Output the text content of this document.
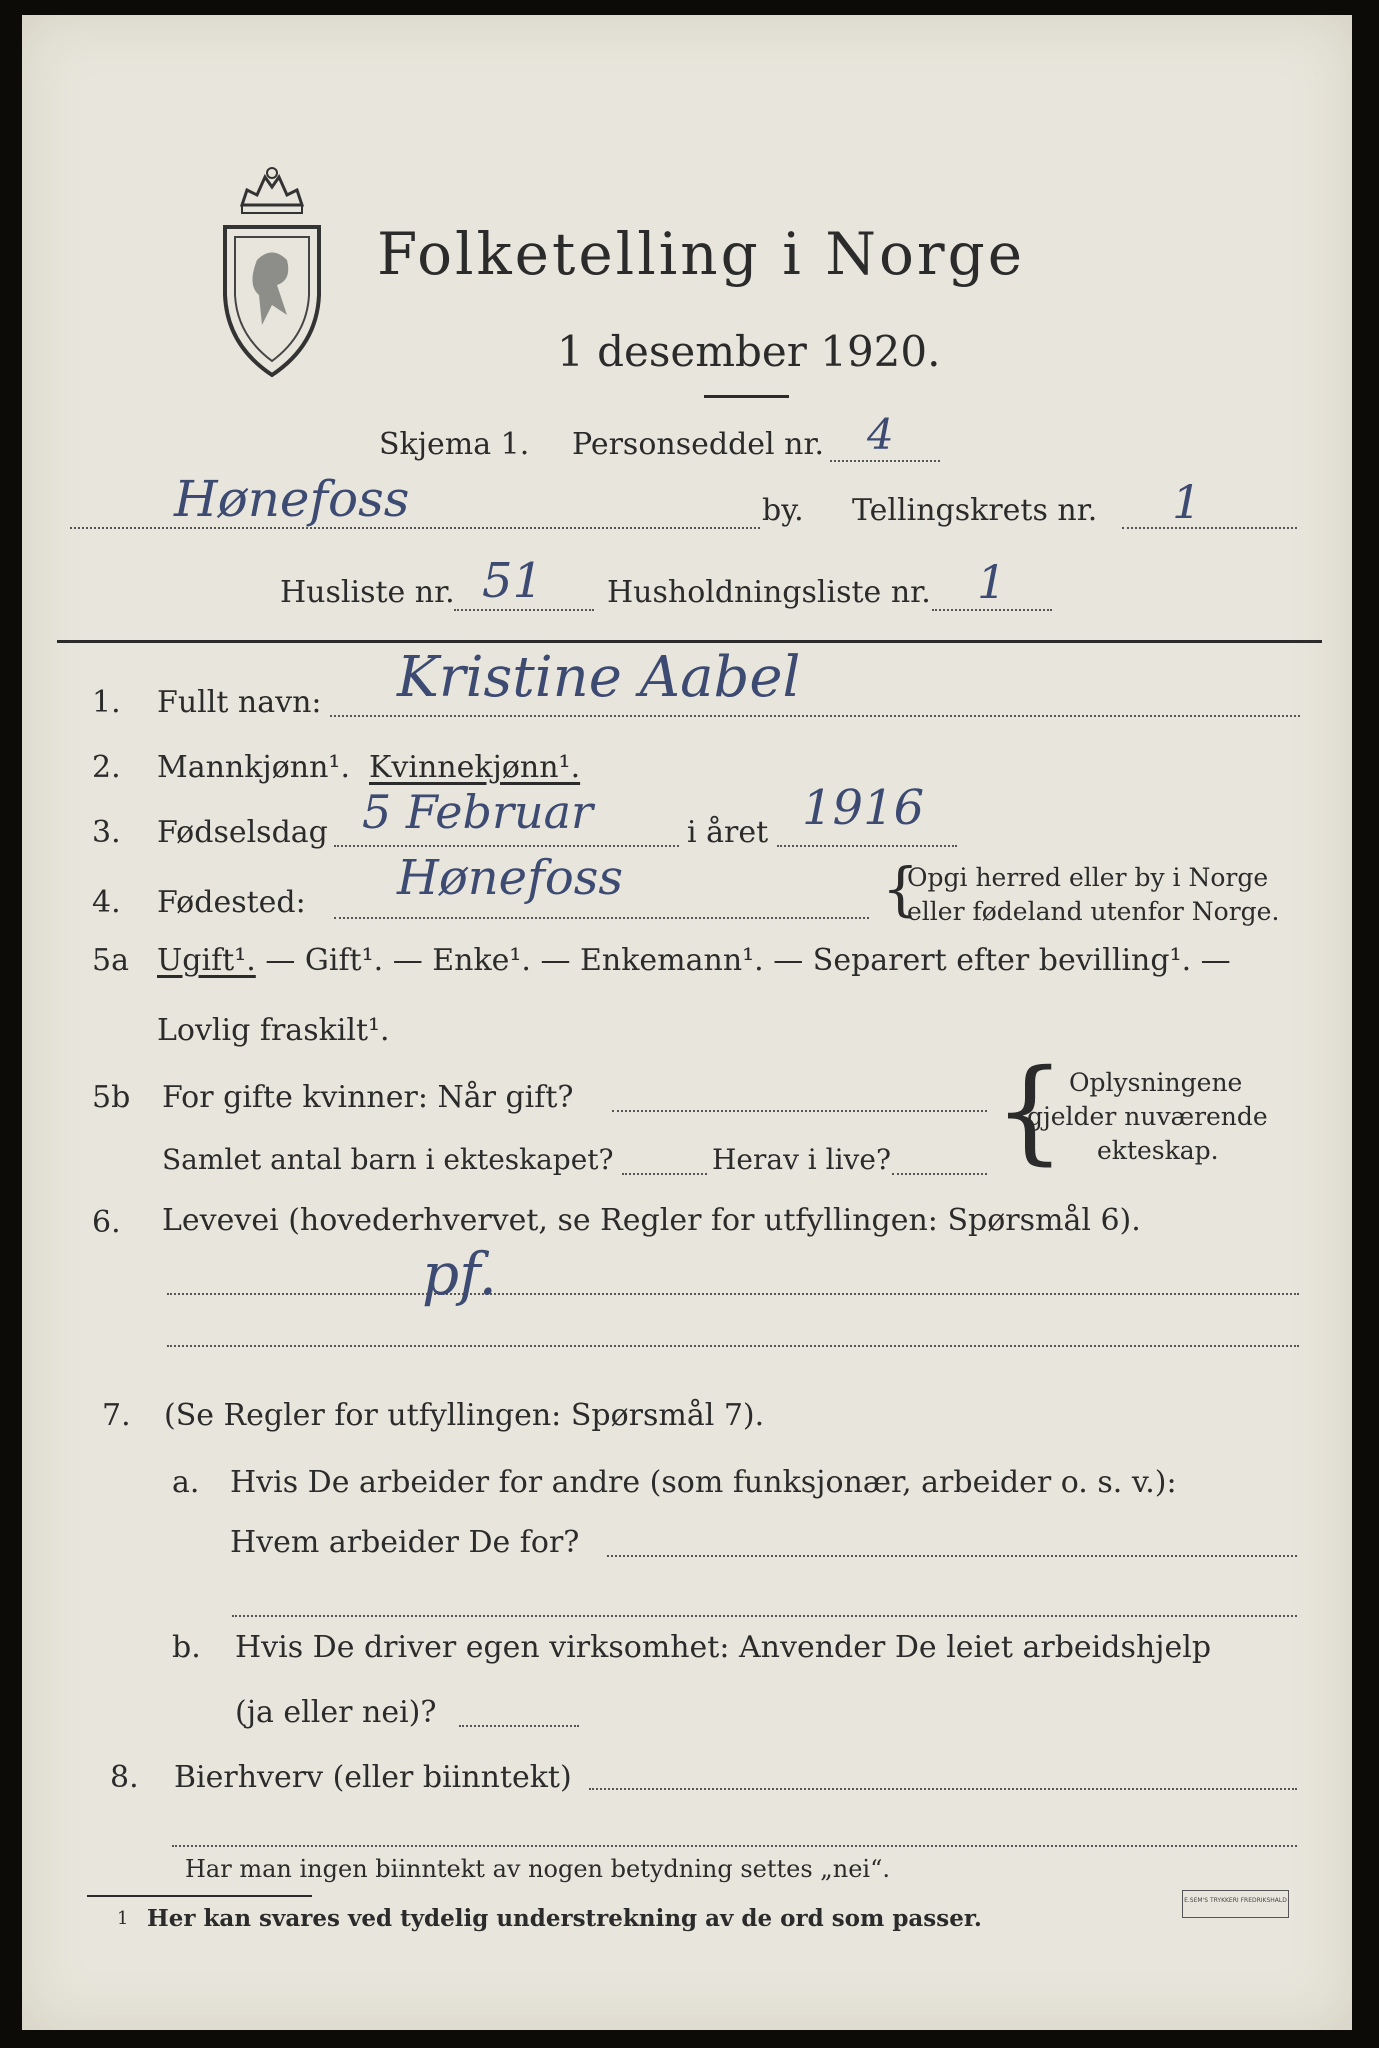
Folketelling i Norge
1 desember 1920.
Skjema 1. Personseddel nr. 4
Hønefoss	by. Tellingskrets nr. 1
Husliste nr. 51 Husholdningsliste nr. 1
1. Fullt navn: Kristine Aabel
2. Mannkjønn¹. Kvinnekjønn¹.
3. Fødselsdag 5 Februar	i året 1916
4. Fødested: Hønefoss	{
Opgi herred eller by i Norge
eller fødeland utenfor Norge.
5a Ugift¹. — Gift¹. — Enke¹. — Enkemann¹. — Separert efter bevilling¹. —
Lovlig fraskilt¹.
5b For gifte kvinner: Når gift?
Samlet antal barn i ekteskapet?	Herav i live? { Oplysningene
gjelder nuværende
ekteskap.
6. Levevei (hovederhvervet, se Regler for utfyllingen: Spørsmål 6).
pf.
7. (Se Regler for utfyllingen: Spørsmål 7).
a. Hvis De arbeider for andre (som funksjonær, arbeider o. s. v.):
Hvem arbeider De for?
b. Hvis De driver egen virksomhet: Anvender De leiet arbeidshjelp
(ja eller nei)?
8. Bierhverv (eller biinntekt)
Har man ingen biinntekt av nogen betydning settes „nei“.
1 Her kan svares ved tydelig understrekning av de ord som passer.
E.SEM'S TRYKKERI FREDRIKSHALD
